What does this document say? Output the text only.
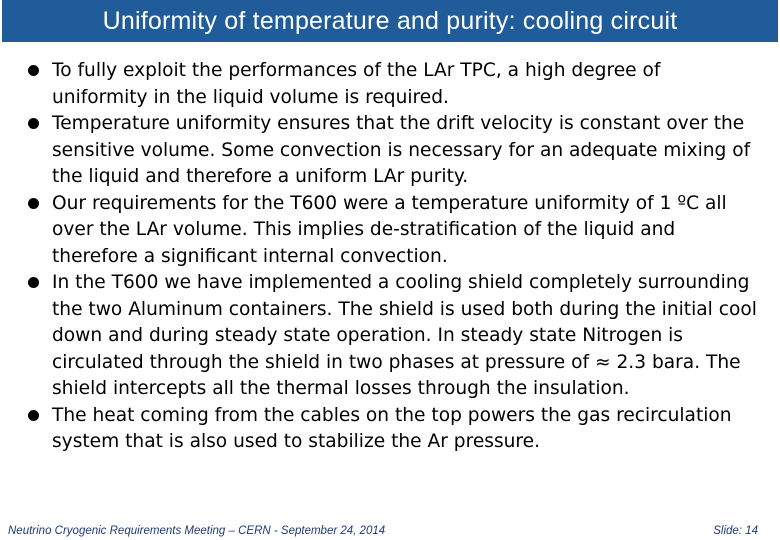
Uniformity of temperature and purity: cooling circuit
To fully exploit the performances of the LAr TPC, a high degree of uniformity in the liquid volume is required.
Temperature uniformity ensures that the drift velocity is constant over the sensitive volume. Some convection is necessary for an adequate mixing of the liquid and therefore a uniform LAr purity.
Our requirements for the T600 were a temperature uniformity of 1 ºC all over the LAr volume. This implies de-stratification of the liquid and therefore a significant internal convection.
In the T600 we have implemented a cooling shield completely surrounding the two Aluminum containers. The shield is used both during the initial cool down and during steady state operation. In steady state Nitrogen is circulated through the shield in two phases at pressure of ≈ 2.3 bara. The shield intercepts all the thermal losses through the insulation.
The heat coming from the cables on the top powers the gas recirculation system that is also used to stabilize the Ar pressure.
Neutrino Cryogenic Requirements Meeting – CERN - September 24, 2014	Slide: 14
